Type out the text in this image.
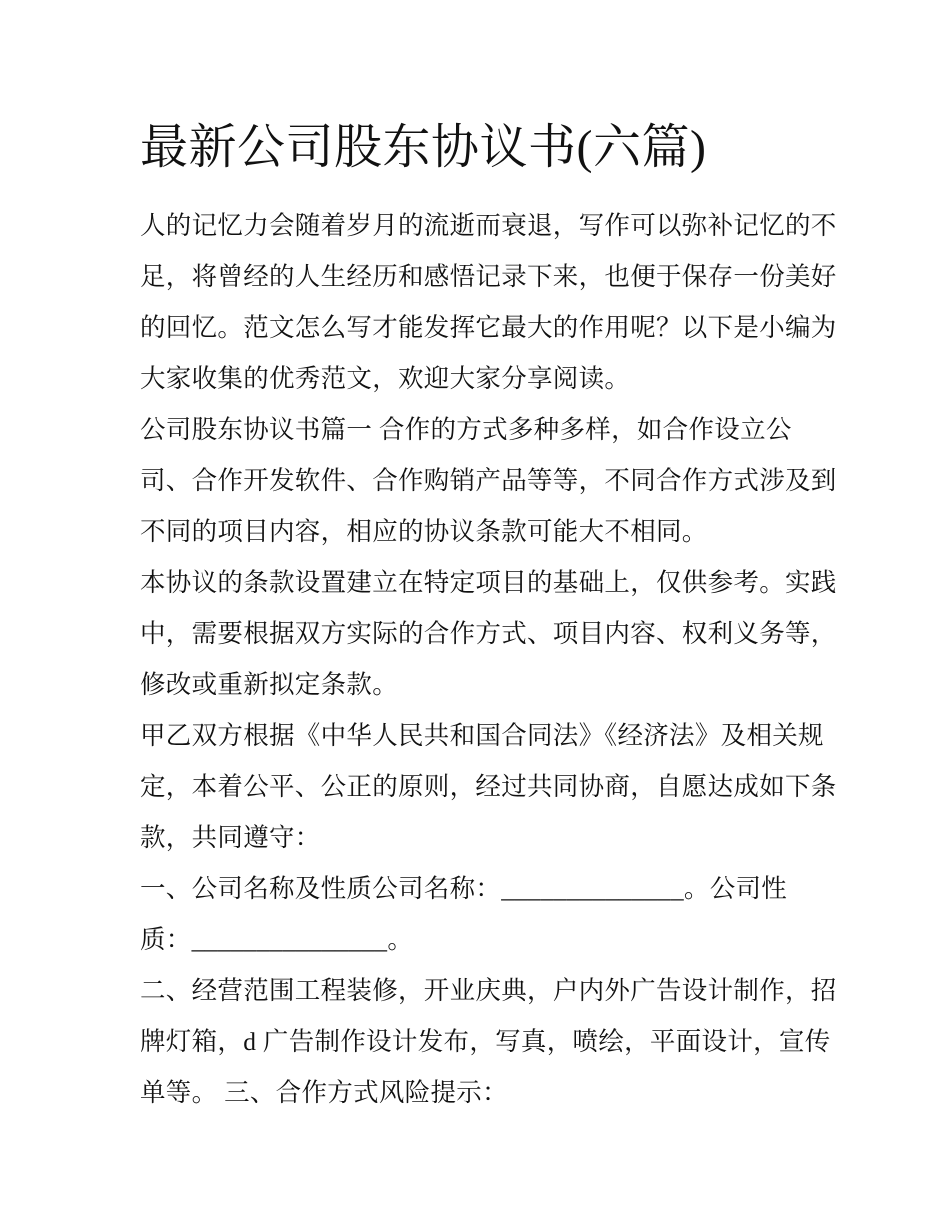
最新公司股东协议书(六篇)
人的记忆力会随着岁月的流逝而衰退，写作可以弥补记忆的不
足，将曾经的人生经历和感悟记录下来，也便于保存一份美好
的回忆。范文怎么写才能发挥它最大的作用呢？以下是小编为
大家收集的优秀范文，欢迎大家分享阅读。
公司股东协议书篇一 合作的方式多种多样，如合作设立公
司、合作开发软件、合作购销产品等等，不同合作方式涉及到
不同的项目内容，相应的协议条款可能大不相同。
本协议的条款设置建立在特定项目的基础上，仅供参考。实践
中，需要根据双方实际的合作方式、项目内容、权利义务等，
修改或重新拟定条款。
甲乙双方根据《中华人民共和国合同法》《经济法》及相关规
定，本着公平、公正的原则，经过共同协商，自愿达成如下条
款，共同遵守：
一、公司名称及性质公司名称：______________。公司性
质：_______________。
二、经营范围工程装修，开业庆典，户内外广告设计制作，招
牌灯箱，d 广告制作设计发布，写真，喷绘，平面设计，宣传
单等。 三、合作方式风险提示：
